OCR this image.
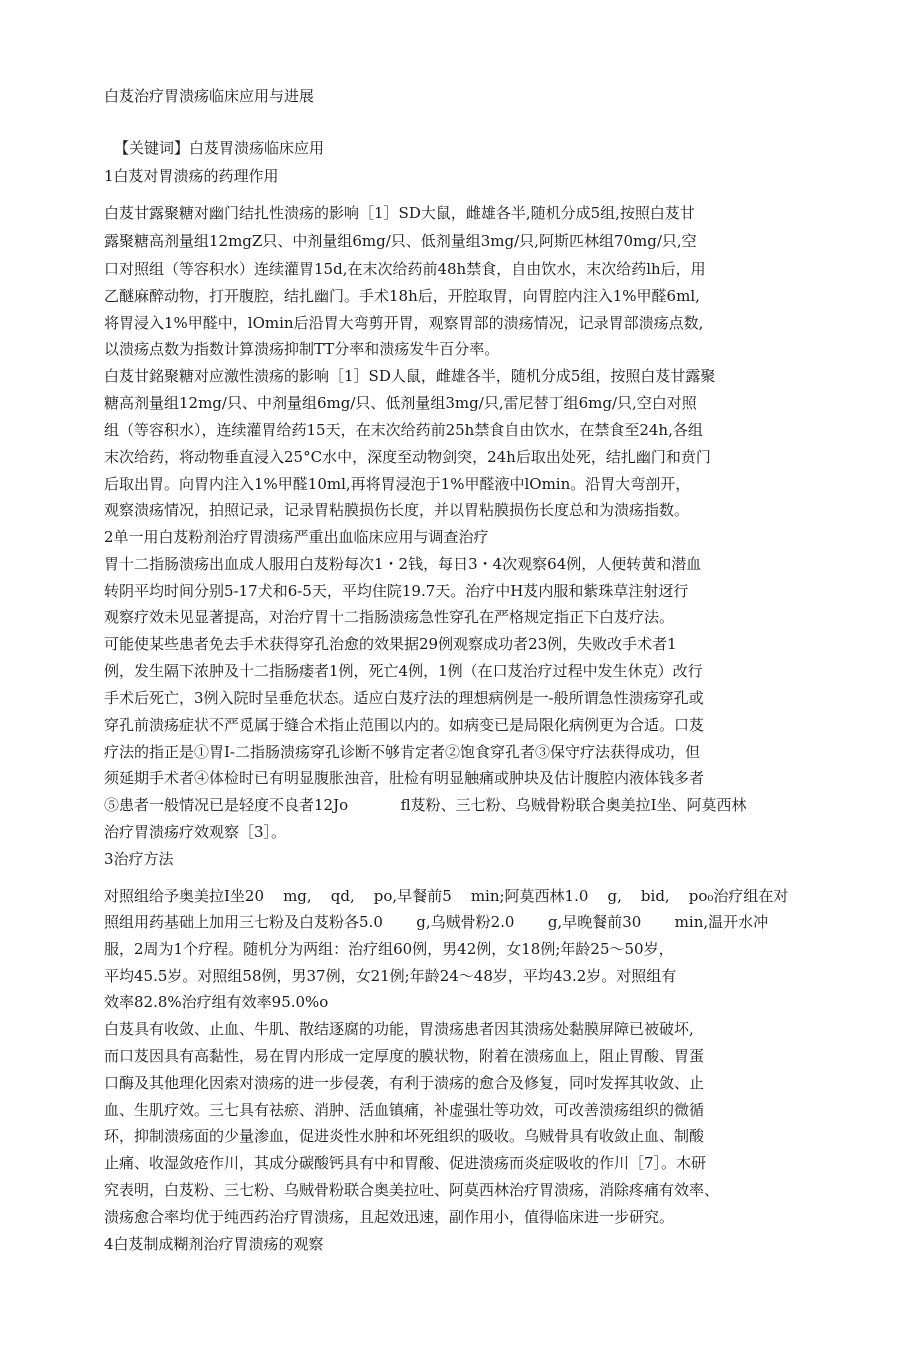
白芨治疗胃溃疡临床应用与进展
【关键词】白芨胃溃疡临床应用
1白芨对胃溃疡的药理作用
白芨甘露聚糖对幽门结扎性溃疡的影响［1］SD大鼠，雌雄各半,随机分成5组,按照白芨甘
露聚糖高剂量组12mgZ只、中剂量组6mg/只、低剂量组3mg/只,阿斯匹林组70mg/只,空
口对照组（等容积水）连续灌胃15d,在末次给药前48h禁食，自由饮水，末次给药lh后，用
乙醚麻醉动物，打开腹腔，结扎幽门。手术18h后，开腔取胃，向胃腔内注入1%甲醛6ml,
将胃浸入1%甲醛中，lOmin后沿胃大弯剪开胃，观察胃部的溃疡情况，记录胃部溃疡点数,
以溃疡点数为指数计算溃疡抑制TT分率和溃疡发牛百分率。
白芨甘銘聚糖对应激性溃疡的影响［1］SD人鼠，雌雄各半，随机分成5组，按照白芨甘露聚
糖高剂量组12mg/只、中剂量组6mg/只、低剂量组3mg/只,雷尼替丁组6mg/只,空白对照
组（等容积水），连续灌胃给药15天，在末次给药前25h禁食自由饮水，在禁食至24h,各组
末次给药，将动物垂直浸入25°C水中，深度至动物剑突，24h后取出处死，结扎幽门和贲门
后取出胃。向胃内注入1%甲醛10ml,再将胃浸泡于1%甲醛液中lOmin。沿胃大弯剖开，
观察溃疡情况，拍照记录，记录胃粘膜损伤长度，并以胃粘膜损伤长度总和为溃疡指数。
2单一用白芨粉剂治疗胃溃疡严重出血临床应用与调查治疗
胃十二指肠溃疡出血成人服用白芨粉每次1・2钱，每日3・4次观察64例，人便转黄和潜血
转阴平均时间分别5-17犬和6-5天，平均住院19.7天。治疗中H芨内服和紫珠草注射迓行
观察疗效未见显著提高，对治疗胃十二指肠溃疡急性穿孔在严格规定指正下白芨疗法。
可能使某些患者免去手术获得穿孔治愈的效果据29例观察成功者23例，失败改手术者1
例，发生隔下浓肿及十二指肠瘘者1例，死亡4例，1例（在口芨治疗过程中发生休克）改行
手术后死亡，3例入院时呈垂危状态。适应白芨疗法的理想病例是一-般所谓急性溃疡穿孔或
穿孔前溃疡症状不严觅属于缝合术指止范围以内的。如病变已是局限化病例更为合适。口芨
疗法的指正是①胃I-二指肠溃疡穿孔诊断不够肯定者②饱食穿孔者③保守疗法获得成功，但
须延期手术者④体检时已有明显腹胀浊音，肚检有明显触痛或肿块及估计腹腔内液体钱多者
⑤患者一般情况已是轻度不良者12Jo           fl芨粉、三七粉、乌贼骨粉联合奥美拉I坐、阿莫西林
治疗胃溃疡疗效观察［3］。
3治疗方法
对照组给予奥美拉I坐20    mg,    qd,    po,早餐前5    min;阿莫西林1.0    g,    bid,    po₀治疗组在对
照组用药基础上加用三七粉及白芨粉各5.0       g,乌贼骨粉2.0       g,早晚餐前30       min,温开水冲
服，2周为1个疗程。随机分为两组：治疗组60例，男42例，女18例;年龄25～50岁，
平均45.5岁。对照组58例，男37例，女21例;年龄24～48岁，平均43.2岁。对照组有
效率82.8%治疗组有效率95.0%o
白芨具有收敛、止血、牛肌、散结逐腐的功能，胃溃疡患者因其溃疡处黏膜屏障已被破坏,
而口芨因具有高黏性，易在胃内形成一定厚度的膜状物，附着在溃疡血上，阻止胃酸、胃蛋
口酶及其他理化因索对溃疡的进一步侵袭，有利于溃疡的愈合及修复，同吋发挥其收敛、止
血、生肌疗效。三七具有祛瘀、消肿、活血镇痛，补虚强壮等功效，可改善溃疡组织的微循
环，抑制溃疡面的少量渗血，促进炎性水肿和坏死组织的吸收。乌贼骨具有收敛止血、制酸
止痛、收湿敛疮作川，其成分碳酸钙具有中和胃酸、促进溃疡而炎症吸收的作川［7］。木研
究表明，白芨粉、三七粉、乌贼骨粉联合奥美拉吐、阿莫西林治疗胃溃疡，消除疼痛有效率、
溃疡愈合率均优于纯西药治疗胃溃疡，且起效迅速，副作用小，值得临床进一步研究。
4白芨制成糊剂治疗胃溃疡的观察
